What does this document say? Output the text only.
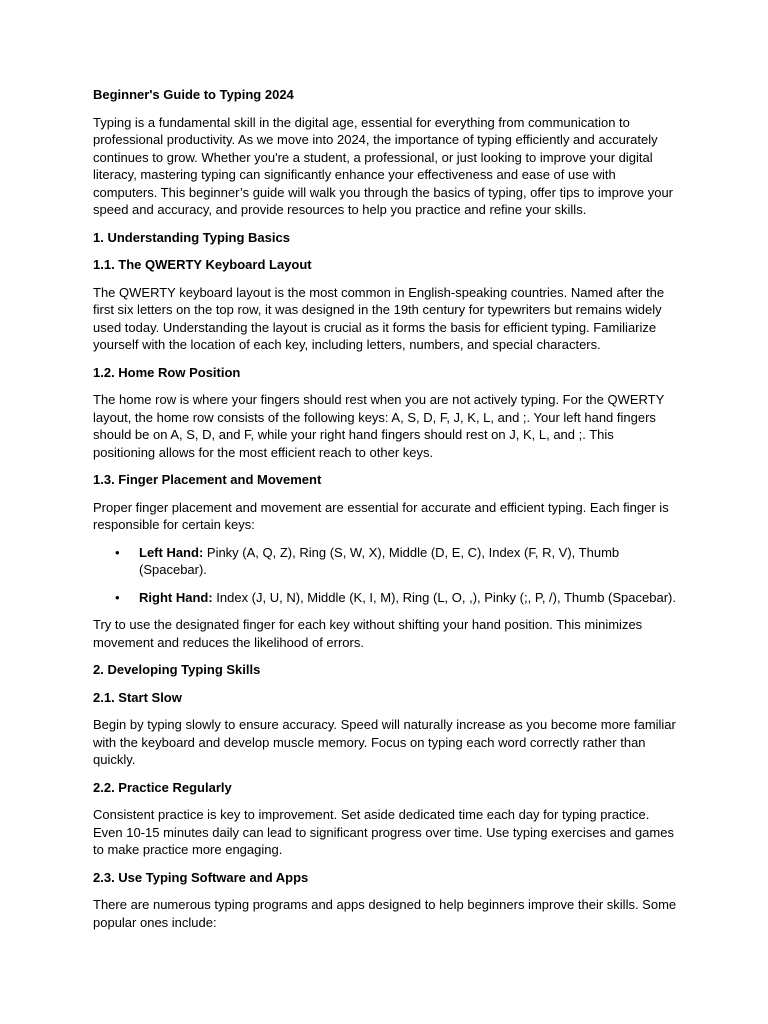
Beginner's Guide to Typing 2024

Typing is a fundamental skill in the digital age, essential for everything from communication to professional productivity. As we move into 2024, the importance of typing efficiently and accurately continues to grow. Whether you're a student, a professional, or just looking to improve your digital literacy, mastering typing can significantly enhance your effectiveness and ease of use with computers. This beginner’s guide will walk you through the basics of typing, offer tips to improve your speed and accuracy, and provide resources to help you practice and refine your skills.

1. Understanding Typing Basics

1.1. The QWERTY Keyboard Layout

The QWERTY keyboard layout is the most common in English-speaking countries. Named after the first six letters on the top row, it was designed in the 19th century for typewriters but remains widely used today. Understanding the layout is crucial as it forms the basis for efficient typing. Familiarize yourself with the location of each key, including letters, numbers, and special characters.

1.2. Home Row Position

The home row is where your fingers should rest when you are not actively typing. For the QWERTY layout, the home row consists of the following keys: A, S, D, F, J, K, L, and ;. Your left hand fingers should be on A, S, D, and F, while your right hand fingers should rest on J, K, L, and ;. This positioning allows for the most efficient reach to other keys.

1.3. Finger Placement and Movement

Proper finger placement and movement are essential for accurate and efficient typing. Each finger is responsible for certain keys:

• Left Hand: Pinky (A, Q, Z), Ring (S, W, X), Middle (D, E, C), Index (F, R, V), Thumb (Spacebar).
• Right Hand: Index (J, U, N), Middle (K, I, M), Ring (L, O, ,), Pinky (;, P, /), Thumb (Spacebar).

Try to use the designated finger for each key without shifting your hand position. This minimizes movement and reduces the likelihood of errors.

2. Developing Typing Skills

2.1. Start Slow

Begin by typing slowly to ensure accuracy. Speed will naturally increase as you become more familiar with the keyboard and develop muscle memory. Focus on typing each word correctly rather than quickly.

2.2. Practice Regularly

Consistent practice is key to improvement. Set aside dedicated time each day for typing practice. Even 10-15 minutes daily can lead to significant progress over time. Use typing exercises and games to make practice more engaging.

2.3. Use Typing Software and Apps

There are numerous typing programs and apps designed to help beginners improve their skills. Some popular ones include:
